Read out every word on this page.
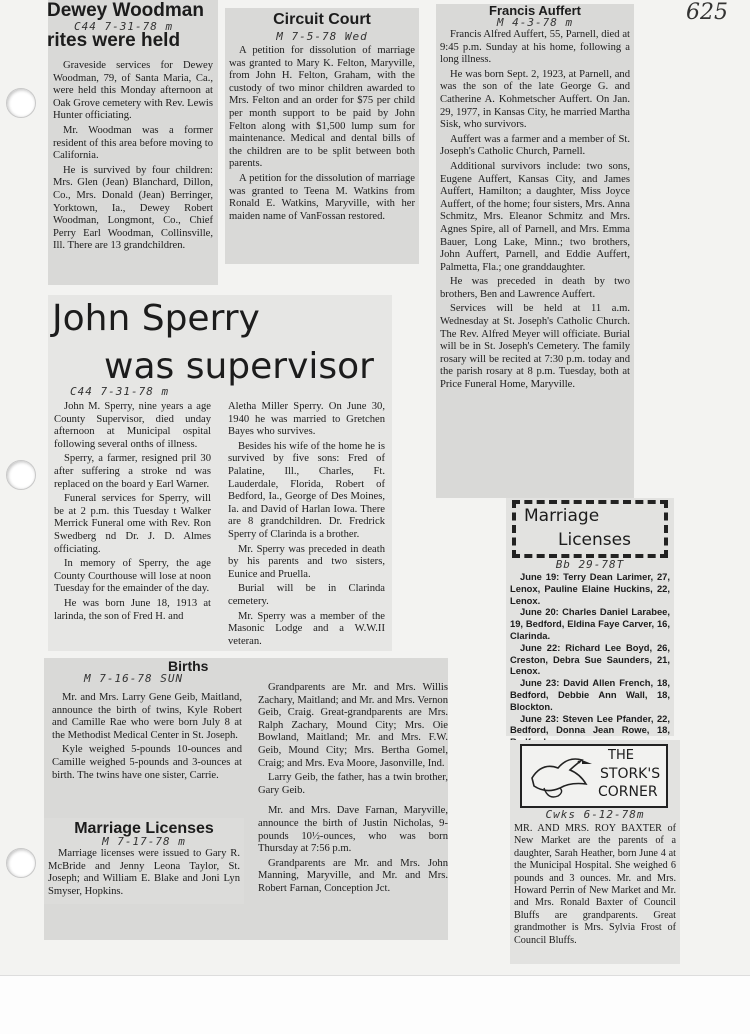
625
Dewey Woodman
C44 7-31-78 m
rites were held

Graveside services for Dewey Woodman, 79, of Santa Maria, Ca., were held this Monday afternoon at Oak Grove cemetery with Rev. Lewis Hunter officiating.

Mr. Woodman was a former resident of this area before moving to California.

He is survived by four children: Mrs. Glen (Jean) Blanchard, Dillon, Co., Mrs. Donald (Jean) Berringer, Yorktown, Ia., Dewey Robert Woodman, Longmont, Co., Chief Perry Earl Woodman, Collinsville, Ill. There are 13 grandchildren.

Circuit Court
M 7-5-78 Wed

A petition for dissolution of marriage was granted to Mary K. Felton, Maryville, from John H. Felton, Graham, with the custody of two minor children awarded to Mrs. Felton and an order for $75 per child per month support to be paid by John Felton along with $1,500 lump sum for maintenance. Medical and dental bills of the children are to be split between both parents.

A petition for the dissolution of marriage was granted to Teena M. Watkins from Ronald E. Watkins, Maryville, with her maiden name of VanFossan restored.

Francis Auffert
M 4-3-78 m

Francis Alfred Auffert, 55, Parnell, died at 9:45 p.m. Sunday at his home, following a long illness.

He was born Sept. 2, 1923, at Parnell, and was the son of the late George G. and Catherine A. Kohmetscher Auffert. On Jan. 29, 1977, in Kansas City, he married Martha Sisk, who survivors.

Auffert was a farmer and a member of St. Joseph's Catholic Church, Parnell.

Additional survivors include: two sons, Eugene Auffert, Kansas City, and James Auffert, Hamilton; a daughter, Miss Joyce Auffert, of the home; four sisters, Mrs. Anna Schmitz, Mrs. Eleanor Schmitz and Mrs. Agnes Spire, all of Parnell, and Mrs. Emma Bauer, Long Lake, Minn.; two brothers, John Auffert, Parnell, and Eddie Auffert, Palmetta, Fla.; one granddaughter.

He was preceded in death by two brothers, Ben and Lawrence Auffert.

Services will be held at 11 a.m. Wednesday at St. Joseph's Catholic Church. The Rev. Alfred Meyer will officiate. Burial will be in St. Joseph's Cemetery. The family rosary will be recited at 7:30 p.m. today and the parish rosary at 8 p.m. Tuesday, both at Price Funeral Home, Maryville.

John Sperry
was supervisor
C44 7-31-78 m

John M. Sperry, nine years a age County Supervisor, died unday afternoon at Municipal ospital following several onths of illness.

Sperry, a farmer, resigned pril 30 after suffering a stroke nd was replaced on the board y Earl Warner.

Funeral services for Sperry, will be at 2 p.m. this Tuesday t Walker Merrick Funeral ome with Rev. Ron Swedberg nd Dr. J. D. Almes officiating.

In memory of Sperry, the age County Courthouse will lose at noon Tuesday for the emainder of the day.

He was born June 18, 1913 at larinda, the son of Fred H. and

Aletha Miller Sperry. On June 30, 1940 he was married to Gretchen Bayes who survives.

Besides his wife of the home he is survived by five sons: Fred of Palatine, Ill., Charles, Ft. Lauderdale, Florida, Robert of Bedford, Ia., George of Des Moines, Ia. and David of Harlan Iowa. There are 8 grandchildren. Dr. Fredrick Sperry of Clarinda is a brother.

Mr. Sperry was preceded in death by his parents and two sisters, Eunice and Pruella.

Burial will be in Clarinda cemetery.

Mr. Sperry was a member of the Masonic Lodge and a W.W.II veteran.

Births
M 7-16-78 SUN

Mr. and Mrs. Larry Gene Geib, Maitland, announce the birth of twins, Kyle Robert and Camille Rae who were born July 8 at the Methodist Medical Center in St. Joseph.

Kyle weighed 5-pounds 10-ounces and Camille weighed 5-pounds and 3-ounces at birth. The twins have one sister, Carrie.

Grandparents are Mr. and Mrs. Willis Zachary, Maitland; and Mr. and Mrs. Vernon Geib, Craig. Great-grandparents are Mrs. Ralph Zachary, Mound City; Mrs. Oie Bowland, Maitland; Mr. and Mrs. F.W. Geib, Mound City; Mrs. Bertha Gomel, Craig; and Mrs. Eva Moore, Jasonville, Ind.

Larry Geib, the father, has a twin brother, Gary Geib.

Mr. and Mrs. Dave Farnan, Maryville, announce the birth of Justin Nicholas, 9-pounds 10½-ounces, who was born Thursday at 7:56 p.m.

Grandparents are Mr. and Mrs. John Manning, Maryville, and Mr. and Mrs. Robert Farnan, Conception Jct.

Marriage Licenses
M 7-17-78 m

Marriage licenses were issued to Gary R. McBride and Jenny Leona Taylor, St. Joseph; and William E. Blake and Joni Lyn Smyser, Hopkins.

Marriage
Licenses
Bb 29-78T

June 19: Terry Dean Larimer, 27, Lenox, Pauline Elaine Huckins, 22, Lenox.

June 20: Charles Daniel Larabee, 19, Bedford, Eldina Faye Carver, 16, Clarinda.

June 22: Richard Lee Boyd, 26, Creston, Debra Sue Saunders, 21, Lenox.

June 23: David Allen French, 18, Bedford, Debbie Ann Wall, 18, Blockton.

June 23: Steven Lee Pfander, 22, Bedford, Donna Jean Rowe, 18,

THE
STORK'S
CORNER
Cwks 6-12-78m

MR. AND MRS. ROY BAXTER of New Market are the parents of a daughter, Sarah Heather, born June 4 at the Municipal Hospital. She weighed 6 pounds and 3 ounces. Mr. and Mrs. Howard Perrin of New Market and Mr. and Mrs. Ronald Baxter of Council Bluffs are grandparents. Great grandmother is Mrs. Sylvia Frost of Council Bluffs.
